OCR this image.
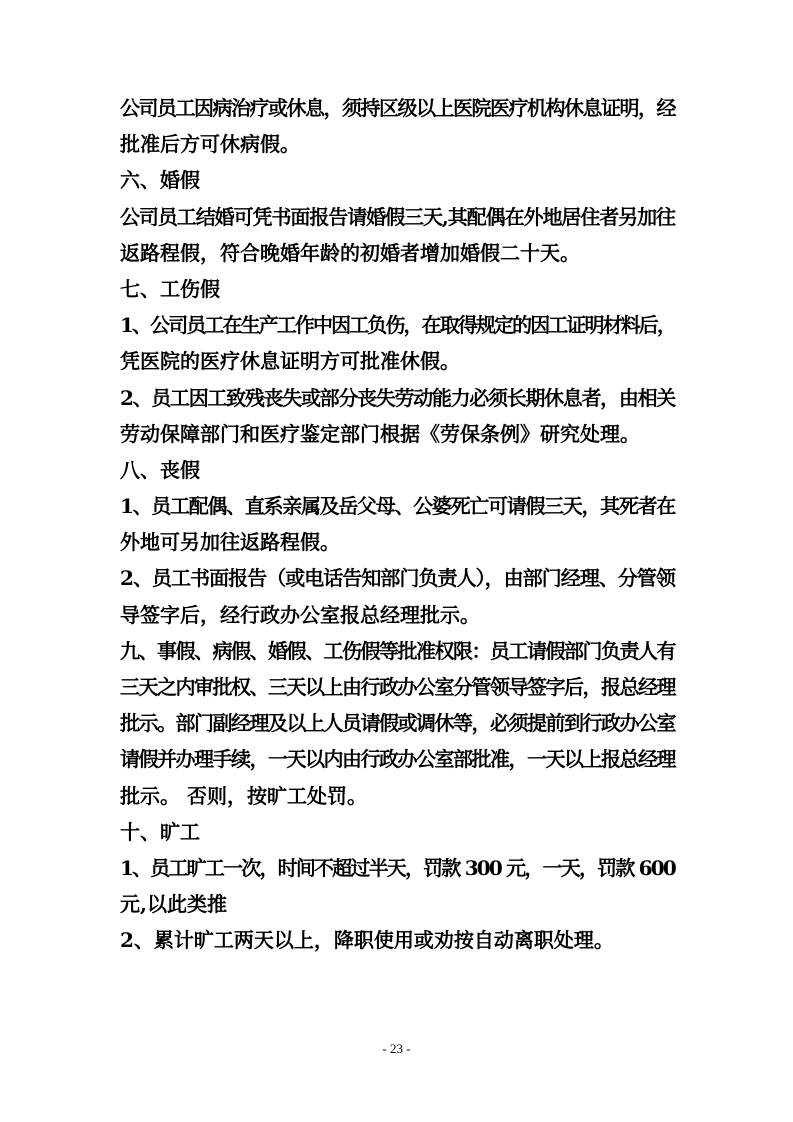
公司员工因病治疗或休息，须持区级以上医院医疗机构休息证明，经
批准后方可休病假。
六、婚假
公司员工结婚可凭书面报告请婚假三天,其配偶在外地居住者另加往
返路程假，符合晚婚年龄的初婚者增加婚假二十天。
七、工伤假
1、公司员工在生产工作中因工负伤，在取得规定的因工证明材料后，
凭医院的医疗休息证明方可批准休假。
2、员工因工致残丧失或部分丧失劳动能力必须长期休息者，由相关
劳动保障部门和医疗鉴定部门根据《劳保条例》研究处理。
八、丧假
1、员工配偶、直系亲属及岳父母、公婆死亡可请假三天，其死者在
外地可另加往返路程假。
2、员工书面报告（或电话告知部门负责人），由部门经理、分管领
导签字后，经行政办公室报总经理批示。
九、事假、病假、婚假、工伤假等批准权限：员工请假部门负责人有
三天之内审批权、三天以上由行政办公室分管领导签字后，报总经理
批示。部门副经理及以上人员请假或调休等，必须提前到行政办公室
请假并办理手续，一天以内由行政办公室部批准，一天以上报总经理
批示。 否则，按旷工处罚。
十、旷工
1、员工旷工一次，时间不超过半天，罚款 300 元，一天，罚款 600
元,以此类推
2、累计旷工两天以上，降职使用或劝按自动离职处理。
- 23 -
